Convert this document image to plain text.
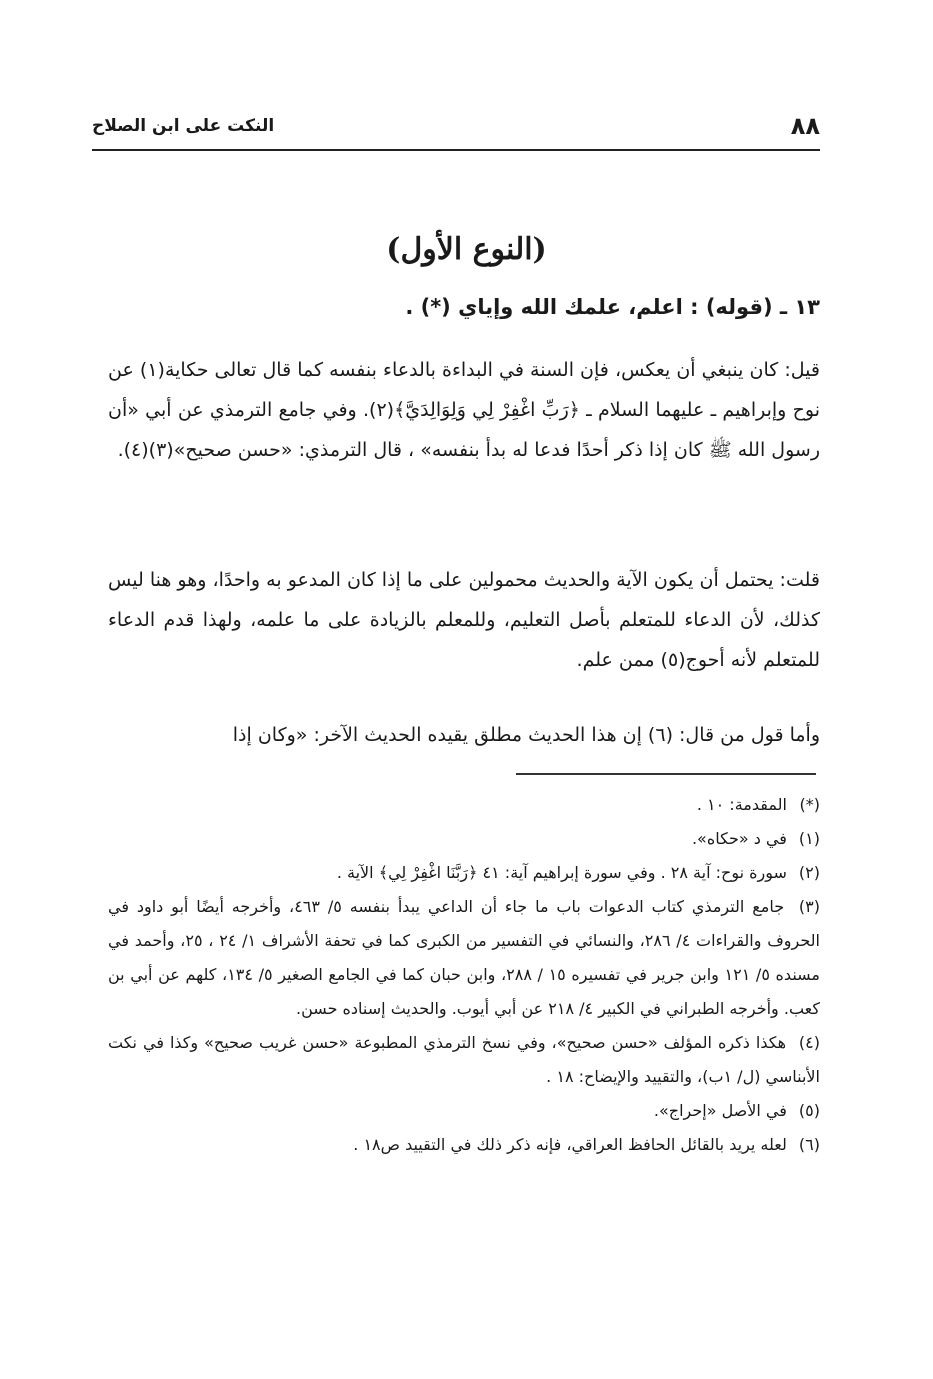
٨٨
النكت على ابن الصلاح
(النوع الأول)
١٣ ـ (قوله) : اعلم، علمك الله وإياي (*) .
قيل: كان ينبغي أن يعكس، فإن السنة في البداءة بالدعاء بنفسه كما قال تعالى حكاية(١) عن نوح وإبراهيم ـ عليهما السلام ـ ﴿رَبِّ اغْفِرْ لِي وَلِوَالِدَيَّ﴾(٢). وفي جامع الترمذي عن أبي «أن رسول الله ﷺ كان إذا ذكر أحدًا فدعا له بدأ بنفسه» ، قال الترمذي: «حسن صحيح»(٣)(٤).
قلت: يحتمل أن يكون الآية والحديث محمولين على ما إذا كان المدعو به واحدًا، وهو هنا ليس كذلك، لأن الدعاء للمتعلم بأصل التعليم، وللمعلم بالزيادة على ما علمه، ولهذا قدم الدعاء للمتعلم لأنه أحوج(٥) ممن علم.
وأما قول من قال: (٦) إن هذا الحديث مطلق يقيده الحديث الآخر: «وكان إذا
(*) المقدمة: ١٠ .
(١) في د «حكاه».
(٢) سورة نوح: آية ٢٨ . وفي سورة إبراهيم آية: ٤١ ﴿رَبَّنَا اغْفِرْ لِي﴾ الآية .
(٣) جامع الترمذي كتاب الدعوات باب ما جاء أن الداعي يبدأ بنفسه ٥/ ٤٦٣، وأخرجه أيضًا أبو داود في الحروف والقراءات ٤/ ٢٨٦، والنسائي في التفسير من الكبرى كما في تحفة الأشراف ١/ ٢٤ ، ٢٥، وأحمد في مسنده ٥/ ١٢١ وابن جرير في تفسيره ١٥ / ٢٨٨، وابن حبان كما في الجامع الصغير ٥/ ١٣٤، كلهم عن أبي بن كعب. وأخرجه الطبراني في الكبير ٤/ ٢١٨ عن أبي أيوب. والحديث إسناده حسن.
(٤) هكذا ذكره المؤلف «حسن صحيح»، وفي نسخ الترمذي المطبوعة «حسن غريب صحيح» وكذا في نكت الأبناسي (ل/ ١ب)، والتقييد والإيضاح: ١٨ .
(٥) في الأصل «إحراج».
(٦) لعله يريد بالقائل الحافظ العراقي، فإنه ذكر ذلك في التقييد ص١٨ .
